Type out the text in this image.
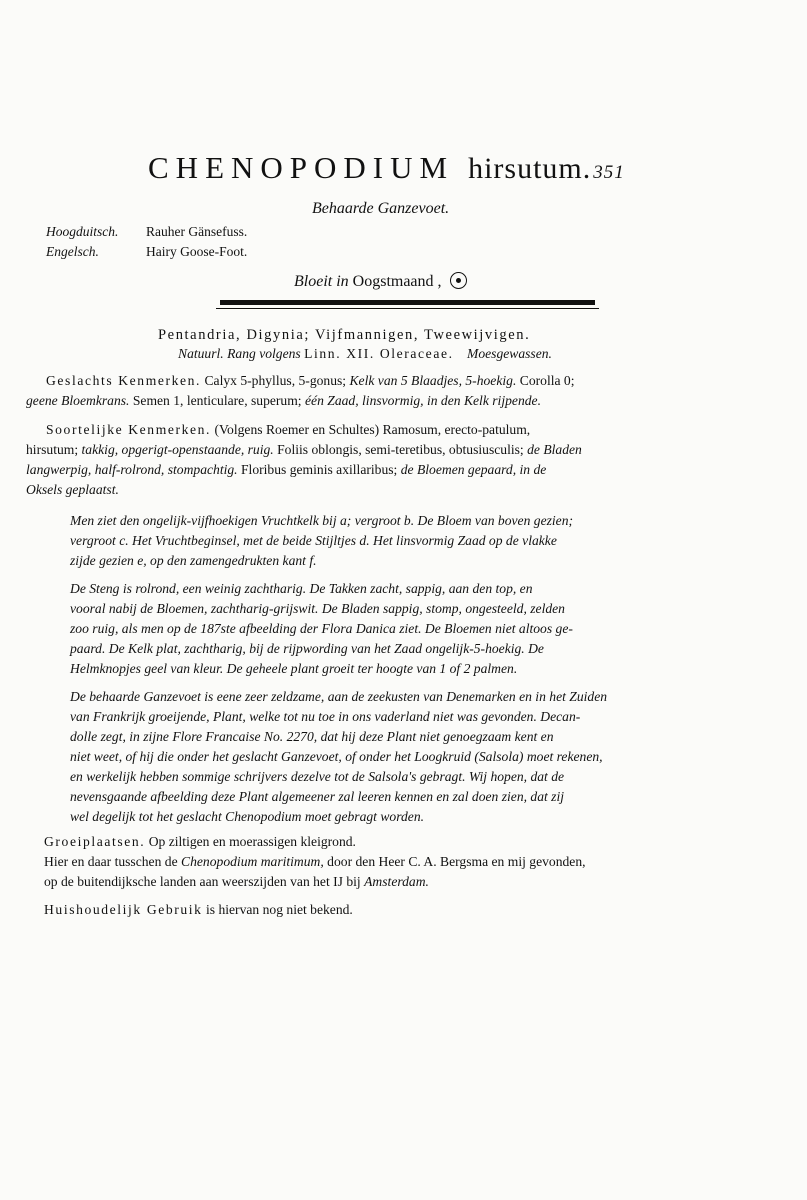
CHENOPODIUM hirsutum. 351
Behaarde Ganzevoet.
Hoogduitsch.	Rauher Gänsefuss.
Engelsch.	Hairy Goose-Foot.
Bloeit in Oogstmaand ,
Pentandria, Digynia; Vijfmannigen, Tweewijvigen.
Natuurl. Rang volgens Linn. XII. Oleraceae. Moesgewassen.
Geslachts Kenmerken. Calyx 5-phyllus, 5-gonus; Kelk van 5 Blaadjes, 5-hoekig. Corolla 0;
geene Bloemkrans. Semen 1, lenticulare, superum; één Zaad, linsvormig, in den Kelk rijpende.
Soortelijke Kenmerken. (Volgens Roemer en Schultes) Ramosum, erecto-patulum,
hirsutum; takkig, opgerigt-openstaande, ruig. Foliis oblongis, semi-teretibus, obtusiusculis; de Bladen
langwerpig, half-rolrond, stompachtig. Floribus geminis axillaribus; de Bloemen gepaard, in de
Oksels geplaatst.
Men ziet den ongelijk-vijfhoekigen Vruchtkelk bij a; vergroot b. De Bloem van boven gezien;
vergroot c. Het Vruchtbeginsel, met de beide Stijltjes d. Het linsvormig Zaad op de vlakke
zijde gezien e, op den zamengedrukten kant f.
De Steng is rolrond, een weinig zachtharig. De Takken zacht, sappig, aan den top, en
vooral nabij de Bloemen, zachtharig-grijswit. De Bladen sappig, stomp, ongesteeld, zelden
zoo ruig, als men op de 187ste afbeelding der Flora Danica ziet. De Bloemen niet altoos ge-
paard. De Kelk plat, zachtharig, bij de rijpwording van het Zaad ongelijk-5-hoekig. De
Helmknopjes geel van kleur. De geheele plant groeit ter hoogte van 1 of 2 palmen.
De behaarde Ganzevoet is eene zeer zeldzame, aan de zeekusten van Denemarken en in het Zuiden
van Frankrijk groeijende, Plant, welke tot nu toe in ons vaderland niet was gevonden. Decan-
dolle zegt, in zijne Flore Francaise No. 2270, dat hij deze Plant niet genoegzaam kent en
niet weet, of hij die onder het geslacht Ganzevoet, of onder het Loogkruid (Salsola) moet rekenen,
en werkelijk hebben sommige schrijvers dezelve tot de Salsola's gebragt. Wij hopen, dat de
nevensgaande afbeelding deze Plant algemeener zal leeren kennen en zal doen zien, dat zij
wel degelijk tot het geslacht Chenopodium moet gebragt worden.
Groeiplaatsen. Op ziltigen en moerassigen kleigrond.
Hier en daar tusschen de Chenopodium maritimum, door den Heer C. A. Bergsma en mij gevonden,
op de buitendijksche landen aan weerszijden van het IJ bij Amsterdam.
Huishoudelijk Gebruik is hiervan nog niet bekend.
